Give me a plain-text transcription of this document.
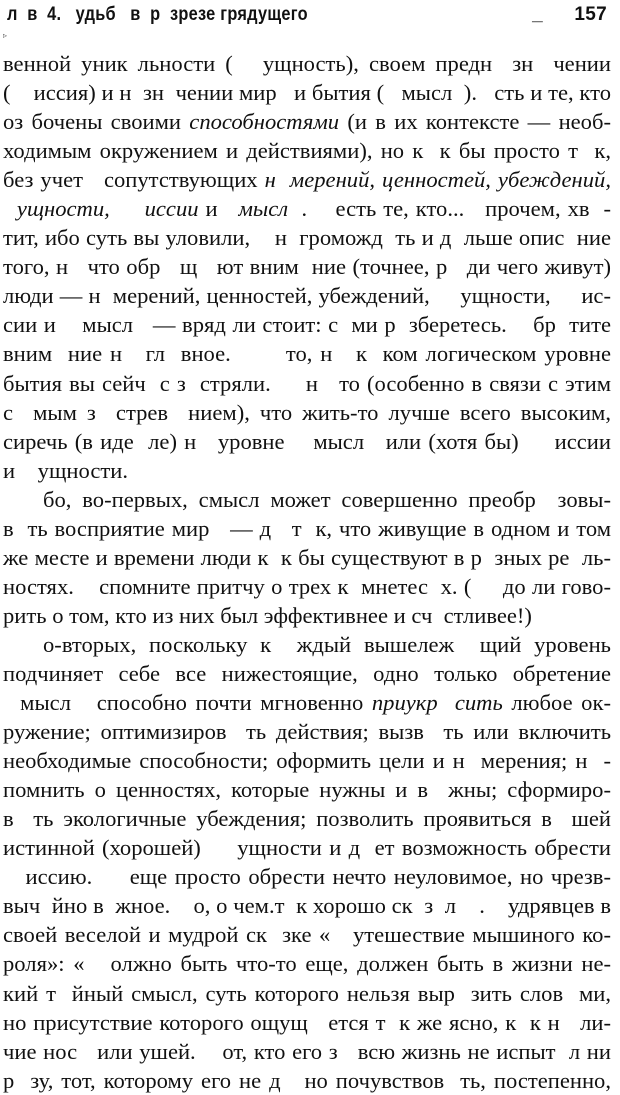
л  в  4.   удьб   в  р  зрезе грядущего	_ 157
▹
венной уник льности (   ущность), своем предн  зн  чении
(    иссия) и н  зн  чении мир   и бытия (   мысл  ).   сть и те, кто
оз бочены своими способностями (и в их контексте — необ-
ходимым окружением и действиями), но к  к бы просто т  к,
без учет   сопутствующих н  мерений, ценностей, убеждений,
ущности,     иссии и   мысл  .    есть те, кто...   прочем, хв  -
тит, ибо суть вы уловили,    н  громожд  ть и д  льше опис  ние
того, н   что обр   щ   ют вним  ние (точнее, р   ди чего живут)
люди — н  мерений, ценностей, убеждений,     ущности,     ис-
сии и    мысл   — вряд ли стоит: с  ми р  зберетесь.    бр  тите
вним  ние н   гл  вное.       то, н   к  ком логическом уровне
бытия вы сейч  с з  стряли.     н   то (особенно в связи с этим
с  мым з  стрев  нием), что жить-то лучше всего высоким,
сиречь (в иде  ле) н   уровне    мысл   или (хотя бы)     иссии
и    ущности.
бо, во-первых, смысл может совершенно преобр  зовы-
в  ть восприятие мир   — д   т  к, что живущие в одном и том
же месте и времени люди к  к бы существуют в р  зных ре  ль-
ностях.    спомните притчу о трех к  мнетес  х. (     до ли гово-
рить о том, кто из них был эффективнее и сч  стливее!)
о-вторых, поскольку к  ждый вышележ  щий уровень
подчиняет себе все нижестоящие, одно только обретение
мысл   способно почти мгновенно приукр  сить любое ок-
ружение; оптимизиров  ть действия; вызв  ть или включить
необходимые способности; оформить цели и н  мерения; н  -
помнить о ценностях, которые нужны и в  жны; сформиро-
в  ть экологичные убеждения; позволить проявиться в  шей
истинной (хорошей)     ущности и д  ет возможность обрести
иссию.     еще просто обрести нечто неуловимое, но чрезв-
выч  йно в  жное.    о, о чем.т  к хорошо ск  з  л    .    удрявцев в
своей веселой и мудрой ск  зке «   утешествие мышиного ко-
роля»: «   олжно быть что-то еще, должен быть в жизни не-
кий т  йный смысл, суть которого нельзя выр  зить слов  ми,
но присутствие которого ощущ   ется т  к же ясно, к  к н   ли-
чие нос   или ушей.    от, кто его з   всю жизнь не испыт  л ни
р  зу, тот, которому его не д   но почувствов  ть, постепенно,
